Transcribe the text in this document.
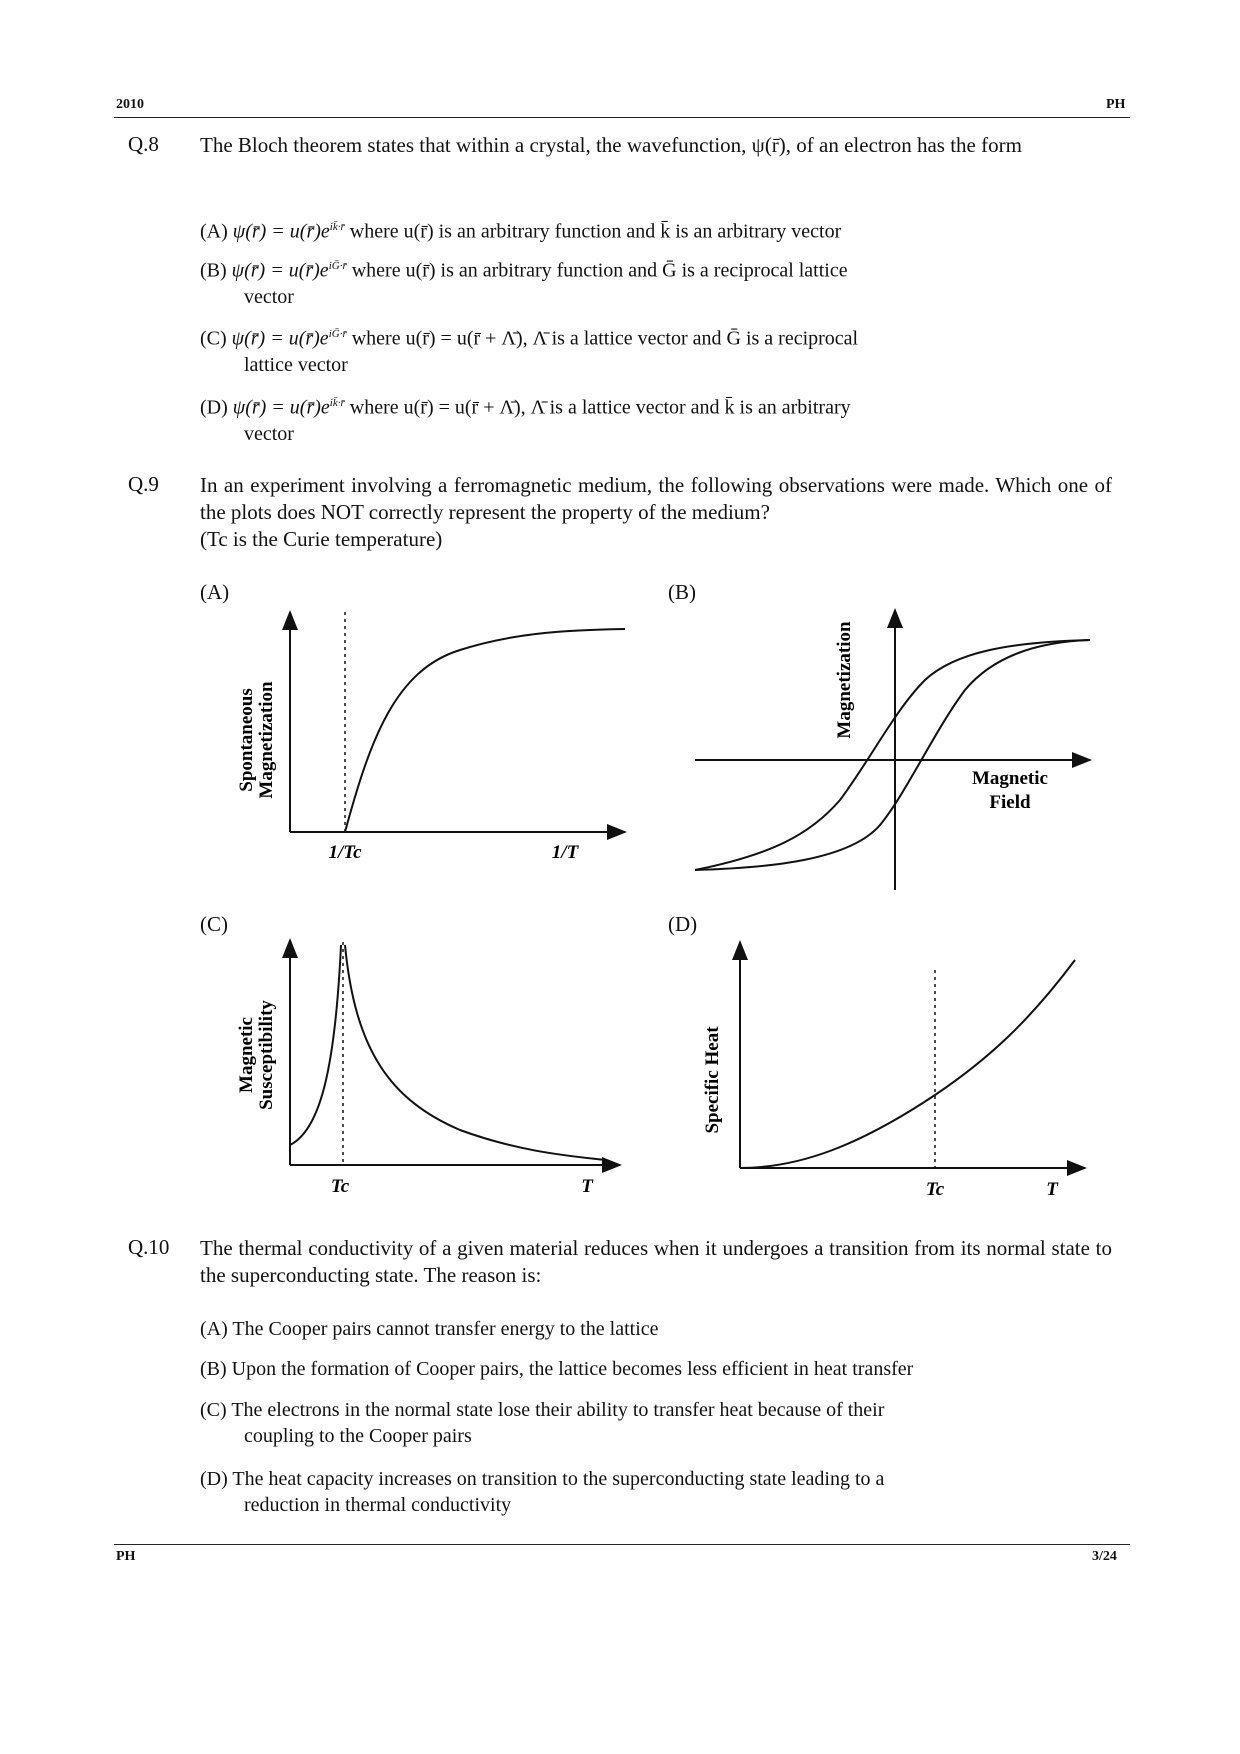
2010	PH
Q.8 The Bloch theorem states that within a crystal, the wavefunction, ψ(r̄), of an electron has the form
(A) ψ(r̄) = $u(r̄)e^{ik̄\cdot r̄}$ where u(r̄) is an arbitrary function and k̄ is an arbitrary vector
(B) ψ(r̄) = $u(r̄)e^{iḠ\cdot r̄}$ where u(r̄) is an arbitrary function and Ḡ is a reciprocal lattice
vector
(C) ψ(r̄) = $u(r̄)e^{iḠ\cdot r̄}$ where u(r̄) = u(r̄ + Λ̄), Λ̄ is a lattice vector and Ḡ is a reciprocal
lattice vector
(D) ψ(r̄) = $u(r̄)e^{ik̄\cdot r̄}$ where u(r̄) = u(r̄ + Λ̄), Λ̄ is a lattice vector and k̄ is an arbitrary
vector
Q.9 In an experiment involving a ferromagnetic medium, the following observations were made. Which one of the plots does NOT correctly represent the property of the medium?
(Tc is the Curie temperature)
(A)	(B)
(C)	(D)
Spontaneous Magnetization
1/Tc	1/T
Magnetization
Magnetic
Field
Magnetic Susceptibility
Tc	T
Specific Heat
Tc	T
Q.10 The thermal conductivity of a given material reduces when it undergoes a transition from its normal state to the superconducting state. The reason is:
(A) The Cooper pairs cannot transfer energy to the lattice
(B) Upon the formation of Cooper pairs, the lattice becomes less efficient in heat transfer
(C) The electrons in the normal state lose their ability to transfer heat because of their
coupling to the Cooper pairs
(D) The heat capacity increases on transition to the superconducting state leading to a
reduction in thermal conductivity
PH	3/24
